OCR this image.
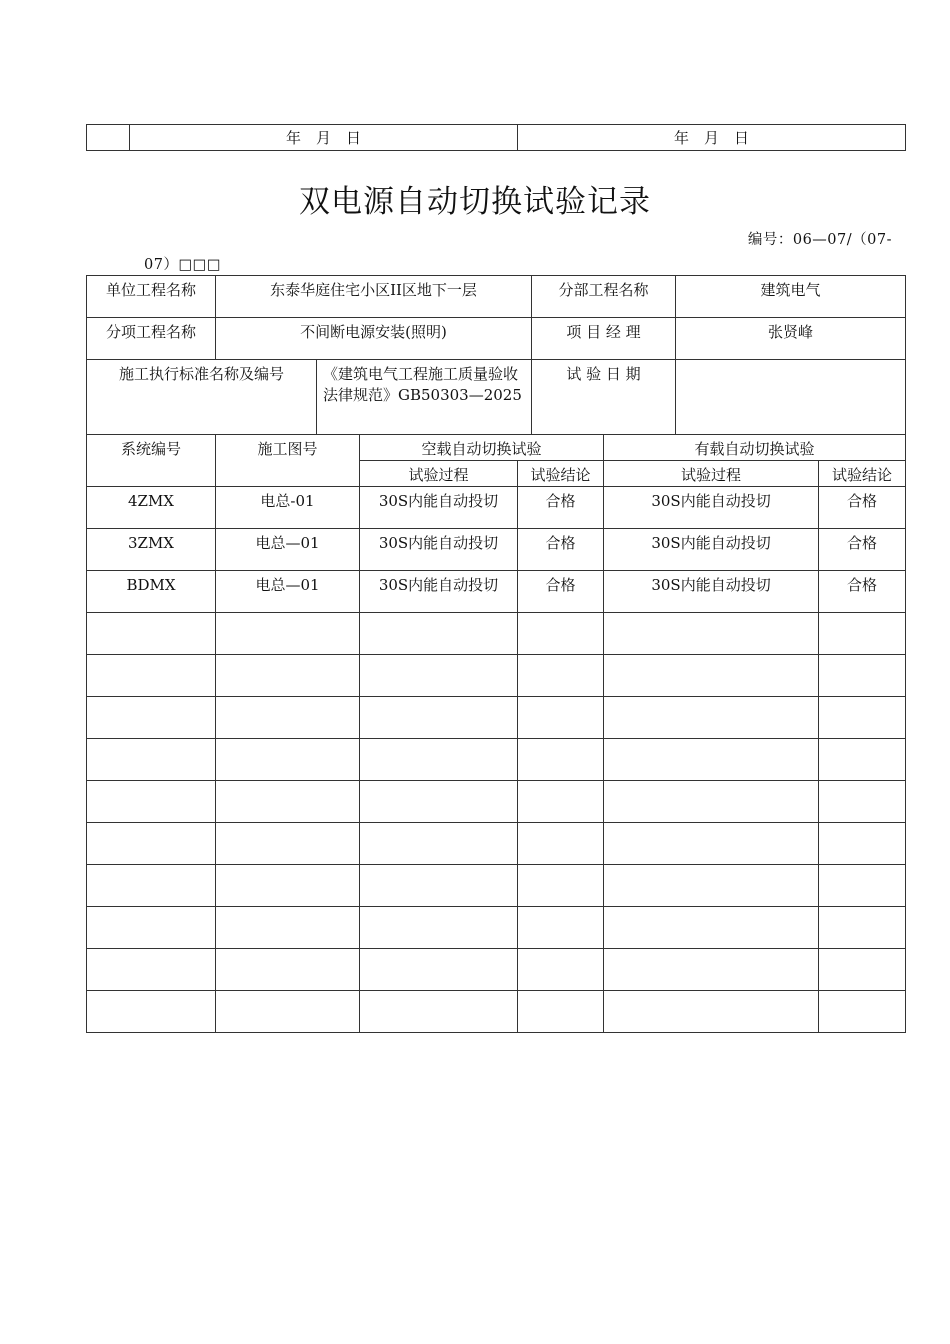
	年　月　日	年　月　日
双电源自动切换试验记录
编号：06—07/（07-
07）□□□
单位工程名称	东泰华庭住宅小区II区地下一层		分部工程名称	建筑电气
分项工程名称	不间断电源安装(照明)		项 目 经 理	张贤峰
施工执行标准名称及编号		《建筑电气工程施工质量验收法律规范》GB50303—2025	试 验 日 期	
系统编号	施工图号	空载自动切换试验		有载自动切换试验	
		试验过程	试验结论	试验过程	试验结论
4ZMX	电总-01	30S内能自动投切	合格	30S内能自动投切	合格
3ZMX	电总—01	30S内能自动投切	合格	30S内能自动投切	合格
BDMX	电总—01	30S内能自动投切	合格	30S内能自动投切	合格
